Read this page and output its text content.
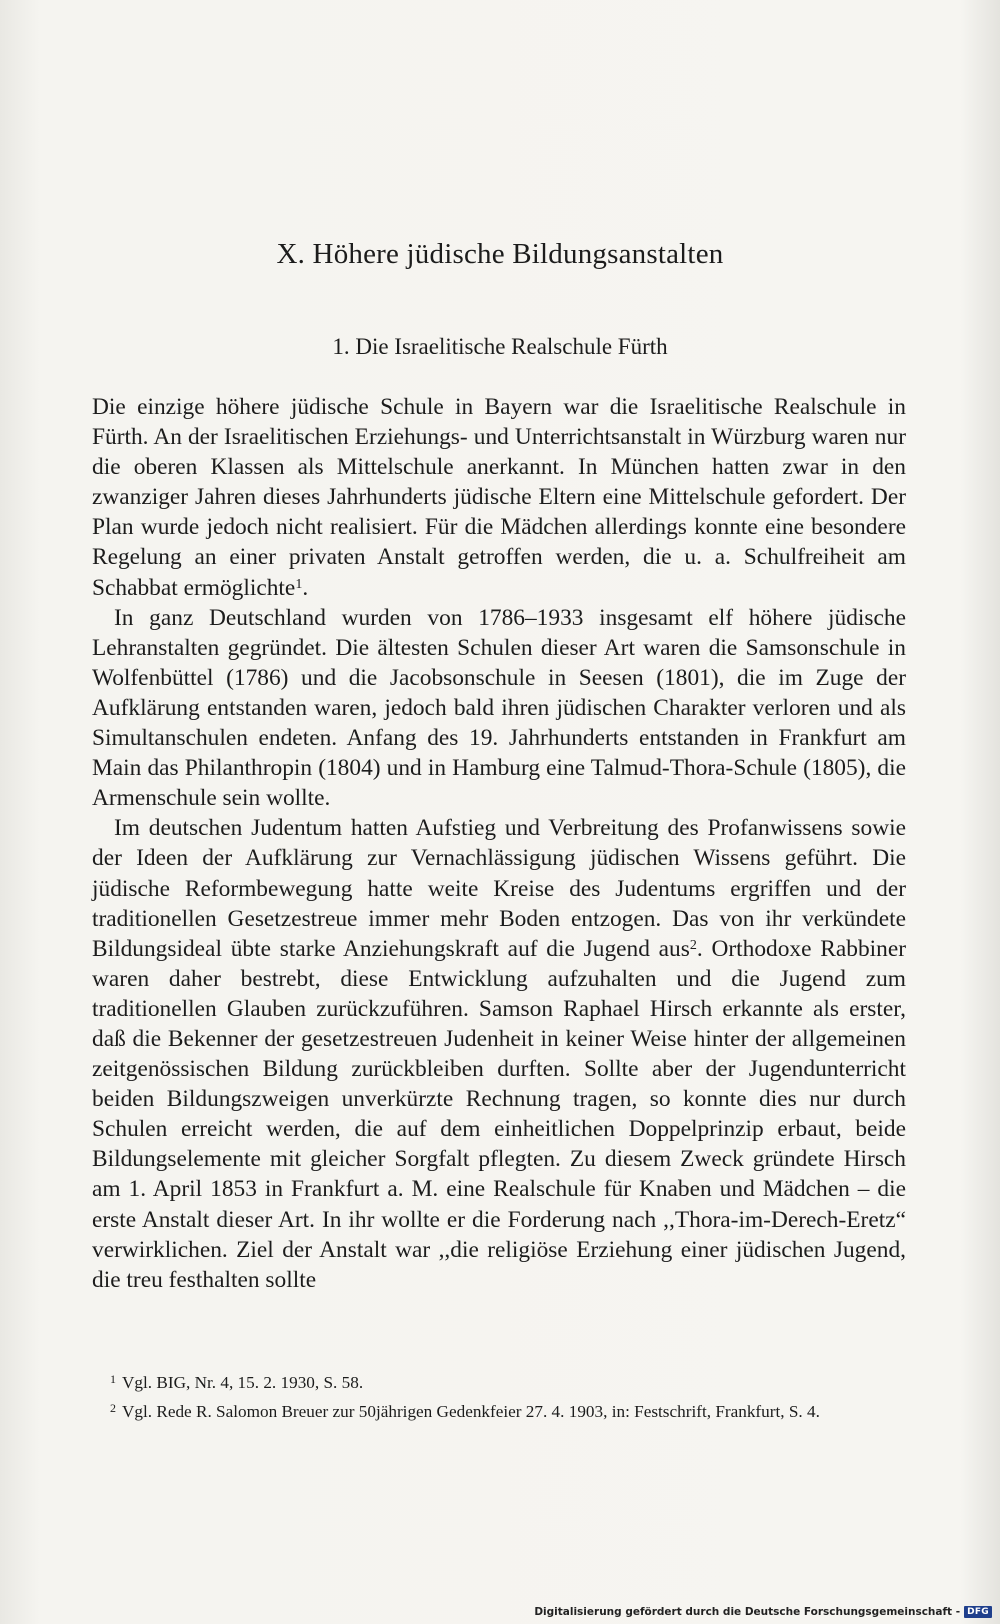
X. Höhere jüdische Bildungsanstalten
1. Die Israelitische Realschule Fürth

Die einzige höhere jüdische Schule in Bayern war die Israelitische Realschule in Fürth. An der Israelitischen Erziehungs- und Unterrichtsanstalt in Würzburg waren nur die oberen Klassen als Mittelschule anerkannt. In München hatten zwar in den zwanziger Jahren dieses Jahrhunderts jüdische Eltern eine Mittelschule gefordert. Der Plan wurde jedoch nicht realisiert. Für die Mädchen allerdings konnte eine besondere Regelung an einer privaten Anstalt getroffen werden, die u. a. Schulfreiheit am Schabbat ermöglichte$^1$.

In ganz Deutschland wurden von 1786–1933 insgesamt elf höhere jüdische Lehranstalten gegründet. Die ältesten Schulen dieser Art waren die Samsonschule in Wolfenbüttel (1786) und die Jacobsonschule in Seesen (1801), die im Zuge der Aufklärung entstanden waren, jedoch bald ihren jüdischen Charakter verloren und als Simultanschulen endeten. Anfang des 19. Jahrhunderts entstanden in Frankfurt am Main das Philanthropin (1804) und in Hamburg eine Talmud-Thora-Schule (1805), die Armenschule sein wollte.

Im deutschen Judentum hatten Aufstieg und Verbreitung des Profanwissens sowie der Ideen der Aufklärung zur Vernachlässigung jüdischen Wissens geführt. Die jüdische Reformbewegung hatte weite Kreise des Judentums ergriffen und der traditionellen Gesetzestreue immer mehr Boden entzogen. Das von ihr verkündete Bildungsideal übte starke Anziehungskraft auf die Jugend aus$^2$. Orthodoxe Rabbiner waren daher bestrebt, diese Entwicklung aufzuhalten und die Jugend zum traditionellen Glauben zurückzuführen. Samson Raphael Hirsch erkannte als erster, daß die Bekenner der gesetzestreuen Judenheit in keiner Weise hinter der allgemeinen zeitgenössischen Bildung zurückbleiben durften. Sollte aber der Jugendunterricht beiden Bildungszweigen unverkürzte Rechnung tragen, so konnte dies nur durch Schulen erreicht werden, die auf dem einheitlichen Doppelprinzip erbaut, beide Bildungselemente mit gleicher Sorgfalt pflegten. Zu diesem Zweck gründete Hirsch am 1. April 1853 in Frankfurt a. M. eine Realschule für Knaben und Mädchen – die erste Anstalt dieser Art. In ihr wollte er die Forderung nach ,,Thora-im-Derech-Eretz“ verwirklichen. Ziel der Anstalt war ,,die religiöse Erziehung einer jüdischen Jugend, die treu festhalten sollte

$^1$ Vgl. BIG, Nr. 4, 15. 2. 1930, S. 58.

$^2$ Vgl. Rede R. Salomon Breuer zur 50jährigen Gedenkfeier 27. 4. 1903, in: Festschrift, Frankfurt, S. 4.

Digitalisierung gefördert durch die Deutsche Forschungsgemeinschaft - DFG
